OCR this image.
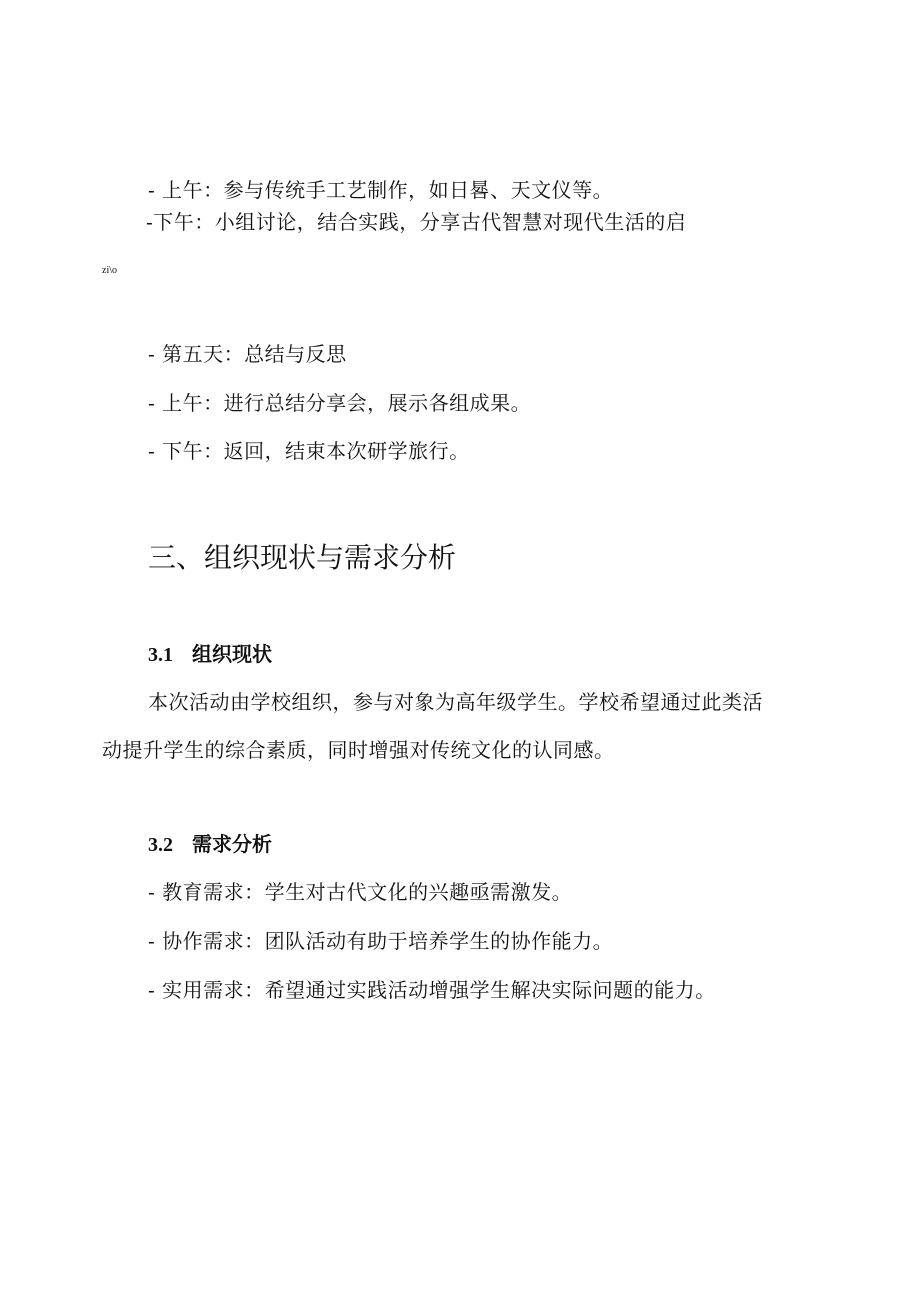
- 上午：参与传统手工艺制作，如日晷、天文仪等。
-下午：小组讨论，结合实践，分享古代智慧对现代生活的启
zi\o
- 第五天：总结与反思
- 上午：进行总结分享会，展示各组成果。
- 下午：返回，结束本次研学旅行。
三、组织现状与需求分析
3.1 组织现状
本次活动由学校组织，参与对象为高年级学生。学校希望通过此类活
动提升学生的综合素质，同时增强对传统文化的认同感。
3.2 需求分析
- 教育需求：学生对古代文化的兴趣亟需激发。
- 协作需求：团队活动有助于培养学生的协作能力。
- 实用需求：希望通过实践活动增强学生解决实际问题的能力。
